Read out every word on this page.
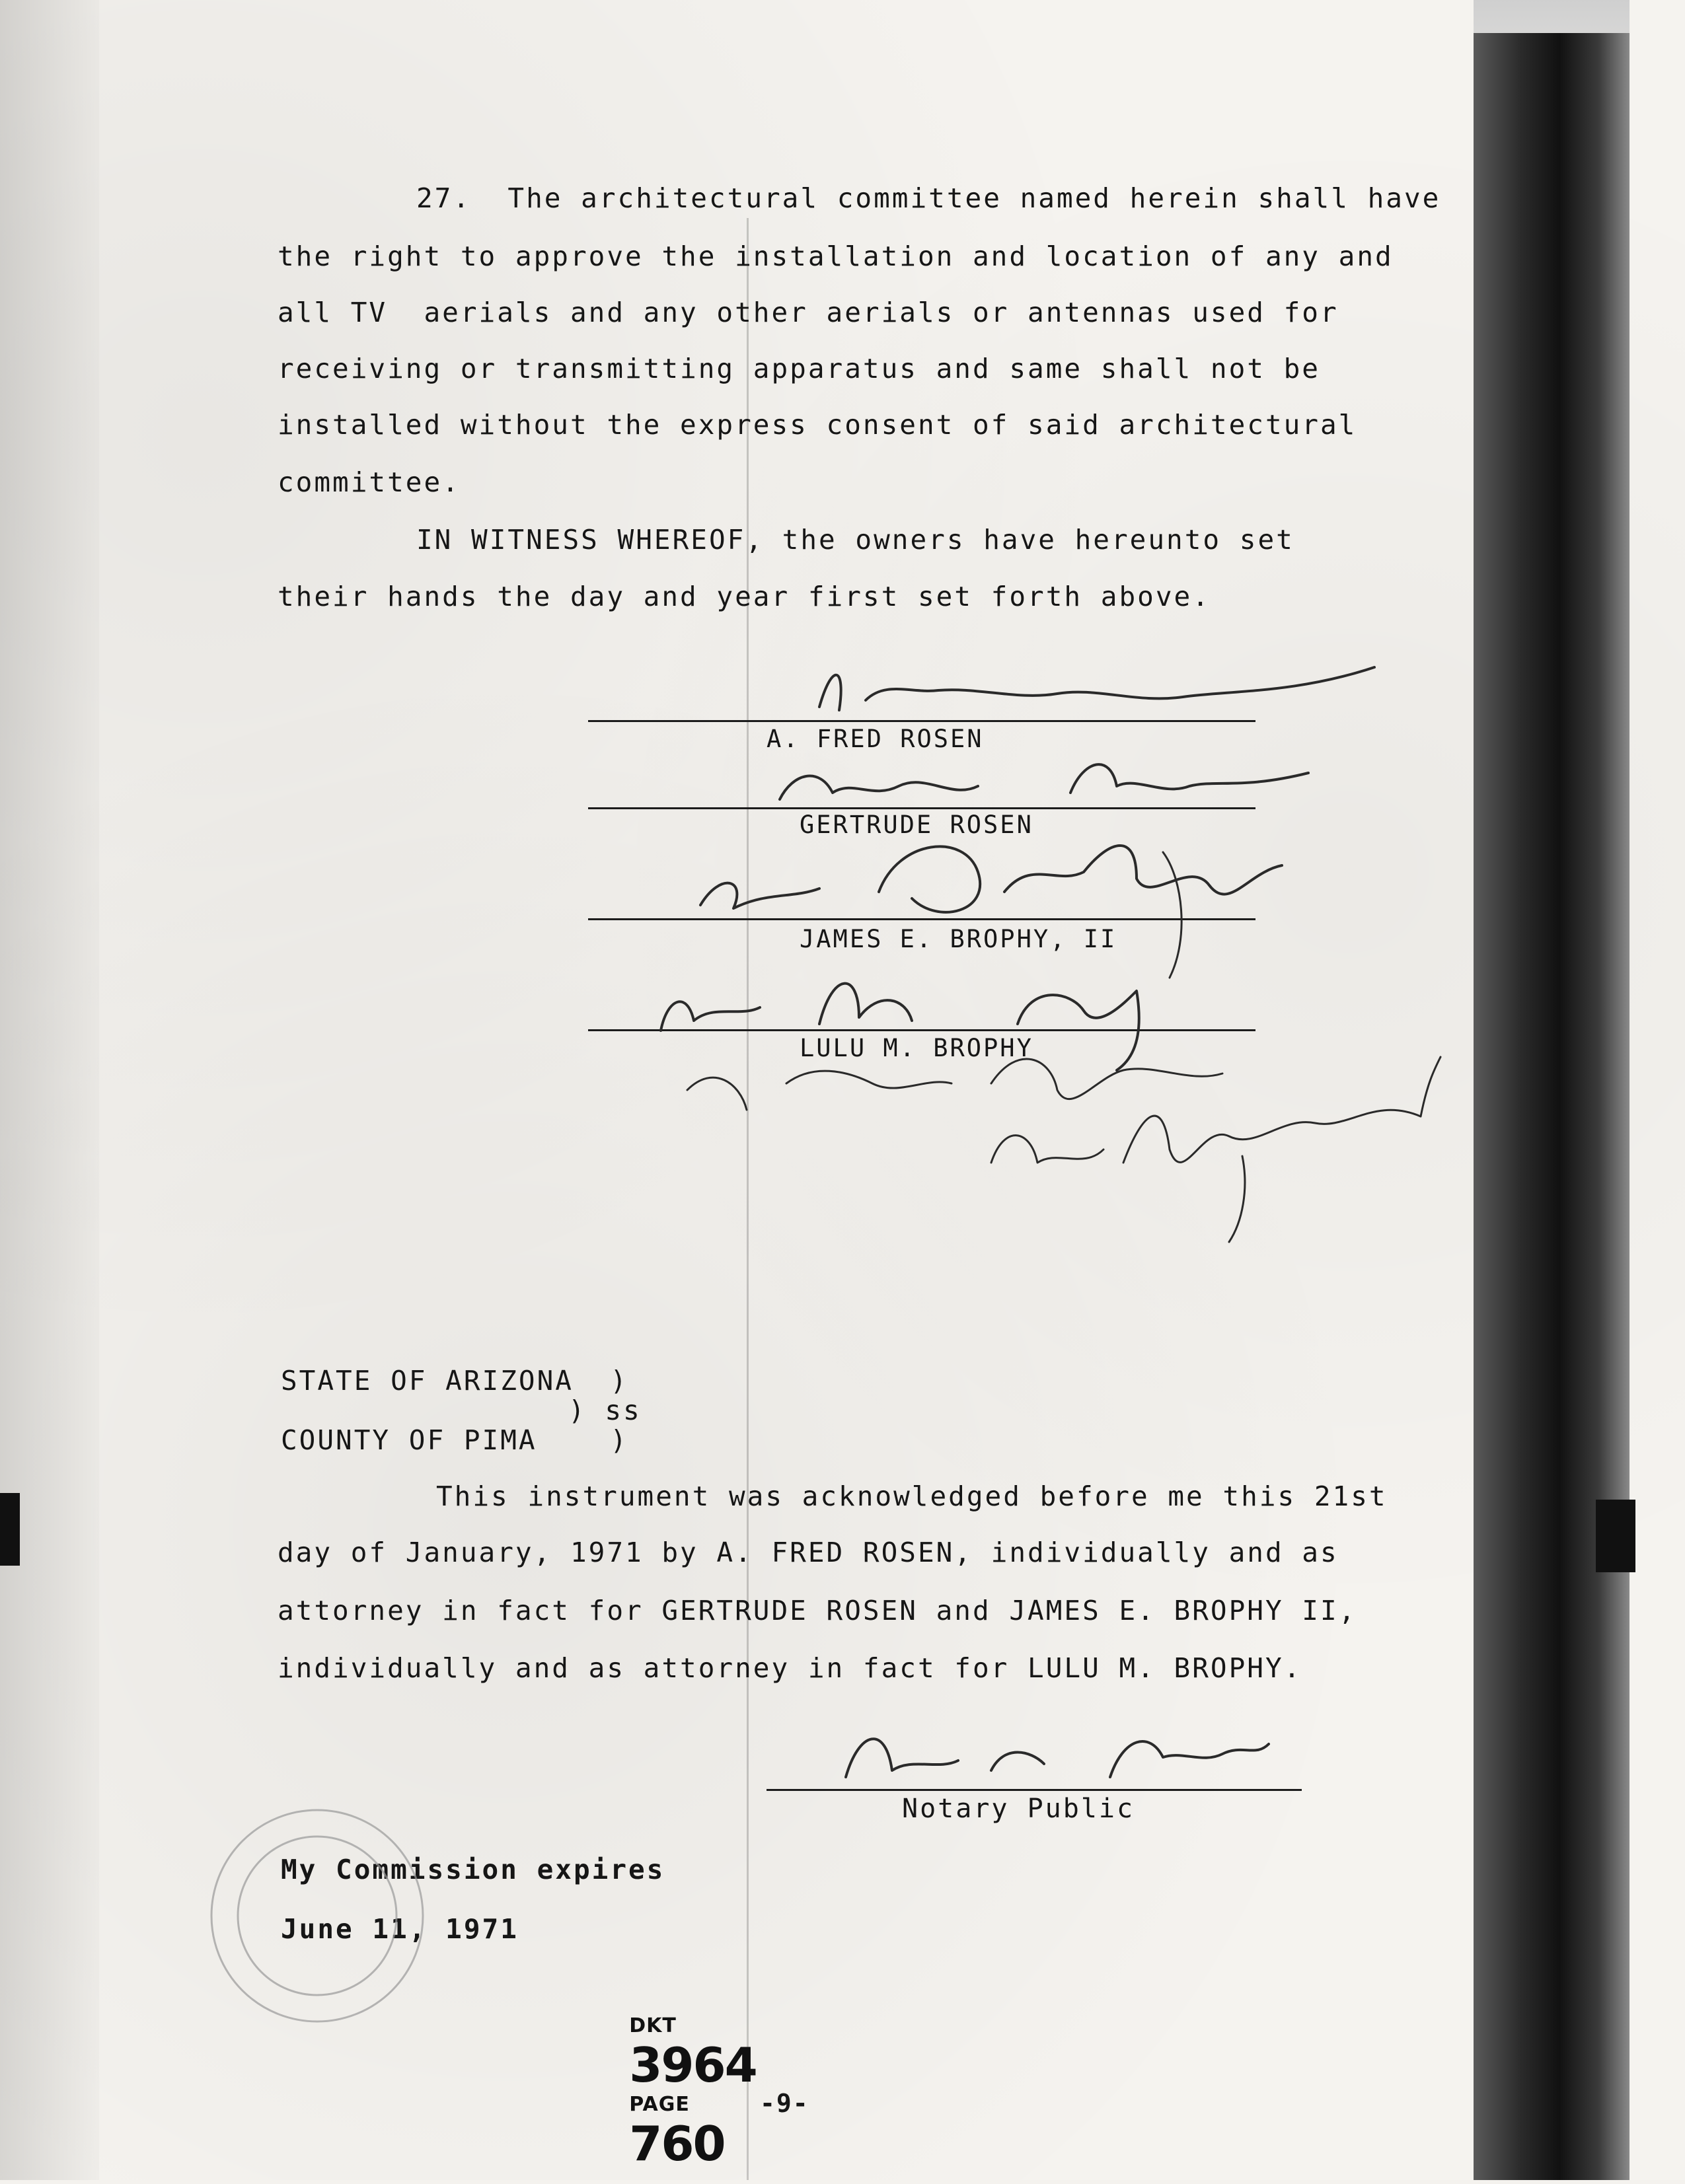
27.  The architectural committee named herein shall have
the right to approve the installation and location of any and
all TV  aerials and any other aerials or antennas used for
receiving or transmitting apparatus and same shall not be
installed without the express consent of said architectural
committee.
IN WITNESS WHEREOF, the owners have hereunto set
their hands the day and year first set forth above.
A. FRED ROSEN
GERTRUDE ROSEN
JAMES E. BROPHY, II
LULU M. BROPHY
STATE OF ARIZONA  )
) ss
COUNTY OF PIMA    )
This instrument was acknowledged before me this 21st
day of January, 1971 by A. FRED ROSEN, individually and as
attorney in fact for GERTRUDE ROSEN and JAMES E. BROPHY II,
individually and as attorney in fact for LULU M. BROPHY.
Notary Public
My Commission expires
June 11, 1971

DKT
3964
PAGE
760

-9-
